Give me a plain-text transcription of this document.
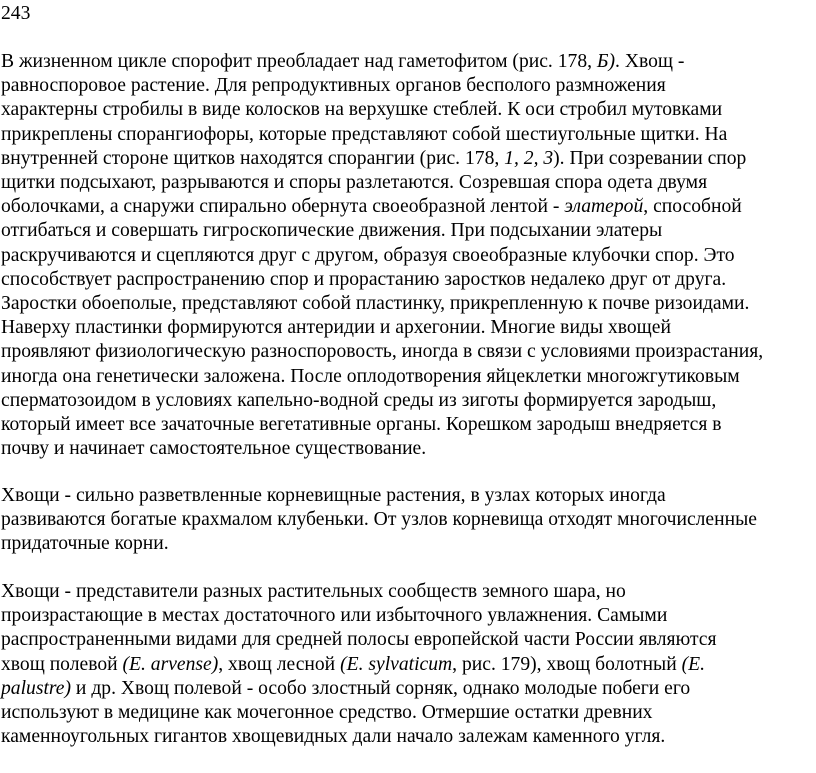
243

В жизненном цикле спорофит преобладает над гаметофитом (рис. 178, Б). Хвощ -
равноспоровое растение. Для репродуктивных органов бесполого размножения
характерны стробилы в виде колосков на верхушке стеблей. К оси стробил мутовками
прикреплены спорангиофоры, которые представляют собой шестиугольные щитки. На
внутренней стороне щитков находятся спорангии (рис. 178, 1, 2, 3). При созревании спор
щитки подсыхают, разрываются и споры разлетаются. Созревшая спора одета двумя
оболочками, а снаружи спирально обернута своеобразной лентой - элатерой, способной
отгибаться и совершать гигроскопические движения. При подсыхании элатеры
раскручиваются и сцепляются друг с другом, образуя своеобразные клубочки спор. Это
способствует распространению спор и прорастанию заростков недалеко друг от друга.
Заростки обоеполые, представляют собой пластинку, прикрепленную к почве ризоидами.
Наверху пластинки формируются антеридии и архегонии. Многие виды хвощей
проявляют физиологическую разноспоровость, иногда в связи с условиями произрастания,
иногда она генетически заложена. После оплодотворения яйцеклетки многожгутиковым
сперматозоидом в условиях капельно-водной среды из зиготы формируется зародыш,
который имеет все зачаточные вегетативные органы. Корешком зародыш внедряется в
почву и начинает самостоятельное существование.

Хвощи - сильно разветвленные корневищные растения, в узлах которых иногда
развиваются богатые крахмалом клубеньки. От узлов корневища отходят многочисленные
придаточные корни.

Хвощи - представители разных растительных сообществ земного шара, но
произрастающие в местах достаточного или избыточного увлажнения. Самыми
распространенными видами для средней полосы европейской части России являются
хвощ полевой (E. arvense), хвощ лесной (E. sylvaticum, рис. 179), хвощ болотный (E.
palustre) и др. Хвощ полевой - особо злостный сорняк, однако молодые побеги его
используют в медицине как мочегонное средство. Отмершие остатки древних
каменноугольных гигантов хвощевидных дали начало залежам каменного угля.
